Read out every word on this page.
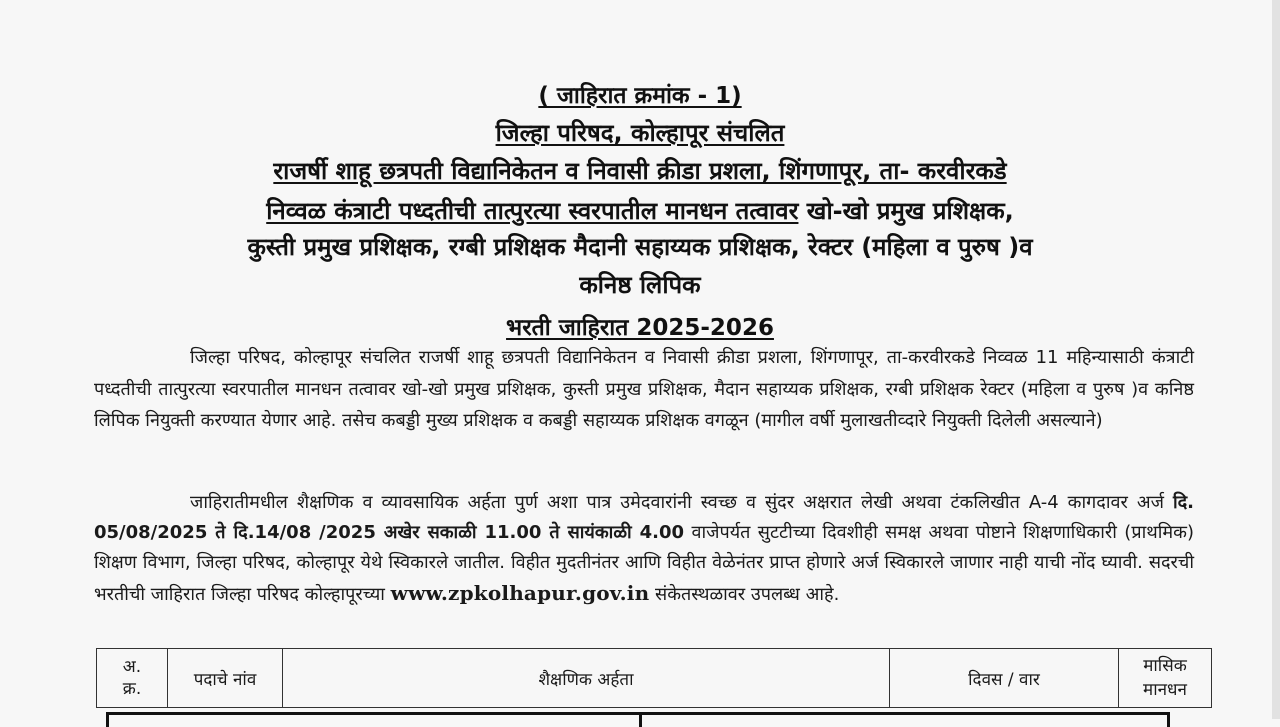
( जाहिरात क्रमांक - 1)
जिल्हा परिषद, कोल्हापूर संचलित
राजर्षी शाहू छत्रपती विद्यानिकेतन व निवासी क्रीडा प्रशला, शिंगणापूर, ता- करवीरकडे
निव्वळ कंत्राटी पध्दतीची तात्पुरत्या स्वरपातील मानधन तत्वावर खो-खो प्रमुख प्रशिक्षक,
कुस्ती प्रमुख प्रशिक्षक, रग्बी प्रशिक्षक मैदानी सहाय्यक प्रशिक्षक, रेक्टर (महिला व पुरुष )व
कनिष्ठ लिपिक
भरती जाहिरात 2025-2026
जिल्हा परिषद, कोल्हापूर संचलित राजर्षी शाहू छत्रपती विद्यानिकेतन व निवासी क्रीडा प्रशला, शिंगणापूर, ता-करवीरकडे निव्वळ 11 महिन्यासाठी कंत्राटी पध्दतीची तात्पुरत्या स्वरपातील मानधन तत्वावर खो-खो प्रमुख प्रशिक्षक, कुस्ती प्रमुख प्रशिक्षक, मैदान सहाय्यक प्रशिक्षक, रग्बी प्रशिक्षक रेक्टर (महिला व पुरुष )व कनिष्ठ लिपिक नियुक्ती करण्यात येणार आहे. तसेच कबड्डी मुख्य प्रशिक्षक व कबड्डी सहाय्यक प्रशिक्षक वगळून (मागील वर्षी मुलाखतीव्दारे नियुक्ती दिलेली असल्याने)
जाहिरातीमधील शैक्षणिक व व्यावसायिक अर्हता पुर्ण अशा पात्र उमेदवारांनी स्वच्छ व सुंदर अक्षरात लेखी अथवा टंकलिखीत A-4 कागदावर अर्ज दि. 05/08/2025 ते दि.14/08 /2025 अखेर सकाळी 11.00 ते सायंकाळी 4.00 वाजेपर्यत सुटटीच्या दिवशीही समक्ष अथवा पोष्टाने शिक्षणाधिकारी (प्राथमिक) शिक्षण विभाग, जिल्हा परिषद, कोल्हापूर येथे स्विकारले जातील. विहीत मुदतीनंतर आणि विहीत वेळेनंतर प्राप्त होणारे अर्ज स्विकारले जाणार नाही याची नोंद घ्यावी. सदरची भरतीची जाहिरात जिल्हा परिषद कोल्हापूरच्या www.zpkolhapur.gov.in संकेतस्थळावर उपलब्ध आहे.
अ.
क्र.	पदाचे नांव	शैक्षणिक अर्हता	दिवस / वार	मासिक
मानधन
